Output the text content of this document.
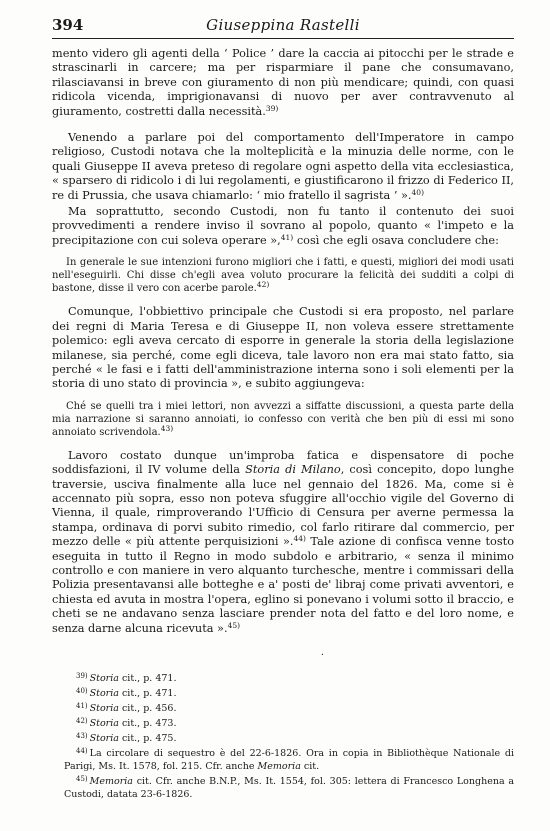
394	Giuseppina Rastelli

mento videro gli agenti della ‘ Police ’ dare la caccia ai pitocchi per le strade e strascinarli in carcere; ma per risparmiare il pane che consumavano, rilasciavansi in breve con giuramento di non più mendicare; quindi, con quasi ridicola vicenda, imprigionavansi di nuovo per aver contravvenuto al giuramento, costretti dalla necessità.$^{39)}$

Venendo a parlare poi del comportamento dell'Imperatore in campo religioso, Custodi notava che la molteplicità e la minuzia delle norme, con le quali Giuseppe II aveva preteso di regolare ogni aspetto della vita ecclesiastica, « sparsero di ridicolo i di lui regolamenti, e giustificarono il frizzo di Federico II, re di Prussia, che usava chiamarlo: ‘ mio fratello il sagrista ’ ».$^{40)}$

Ma soprattutto, secondo Custodi, non fu tanto il contenuto dei suoi provvedimenti a rendere inviso il sovrano al popolo, quanto « l'impeto e la precipitazione con cui soleva operare »,$^{41)}$ così che egli osava concludere che:

In generale le sue intenzioni furono migliori che i fatti, e questi, migliori dei modi usati nell'eseguirli. Chi disse ch'egli avea voluto procurare la felicità dei sudditi a colpi di bastone, disse il vero con acerbe parole.$^{42)}$

Comunque, l'obbiettivo principale che Custodi si era proposto, nel parlare dei regni di Maria Teresa e di Giuseppe II, non voleva essere strettamente polemico: egli aveva cercato di esporre in generale la storia della legislazione milanese, sia perché, come egli diceva, tale lavoro non era mai stato fatto, sia perché « le fasi e i fatti dell'amministrazione interna sono i soli elementi per la storia di uno stato di provincia », e subito aggiungeva:

Ché se quelli tra i miei lettori, non avvezzi a siffatte discussioni, a questa parte della mia narrazione si saranno annoiati, io confesso con verità che ben più di essi mi sono annoiato scrivendola.$^{43)}$

Lavoro costato dunque un'improba fatica e dispensatore di poche soddisfazioni, il IV volume della Storia di Milano, così concepito, dopo lunghe traversie, usciva finalmente alla luce nel gennaio del 1826. Ma, come si è accennato più sopra, esso non poteva sfuggire all'occhio vigile del Governo di Vienna, il quale, rimproverando l'Ufficio di Censura per averne permessa la stampa, ordinava di porvi subito rimedio, col farlo ritirare dal commercio, per mezzo delle « più attente perquisizioni ».$^{44)}$ Tale azione di confisca venne tosto eseguita in tutto il Regno in modo subdolo e arbitrario, « senza il minimo controllo e con maniere in vero alquanto turchesche, mentre i commissari della Polizia presentavansi alle botteghe e a' posti de' libraj come privati avventori, e chiesta ed avuta in mostra l'opera, eglino si ponevano i volumi sotto il braccio, e cheti se ne andavano senza lasciare prender nota del fatto e del loro nome, e senza darne alcuna ricevuta ».$^{45)}$

·

$^{39)}$ Storia cit., p. 471.

$^{40)}$ Storia cit., p. 471.

$^{41)}$ Storia cit., p. 456.

$^{42)}$ Storia cit., p. 473.

$^{43)}$ Storia cit., p. 475.

$^{44)}$ La circolare di sequestro è del 22-6-1826. Ora in copia in Bibliothèque Nationale di Parigi, Ms. It. 1578, fol. 215. Cfr. anche Memoria cit.

$^{45)}$ Memoria cit. Cfr. anche B.N.P., Ms. It. 1554, fol. 305: lettera di Francesco Longhena a Custodi, datata 23-6-1826.
